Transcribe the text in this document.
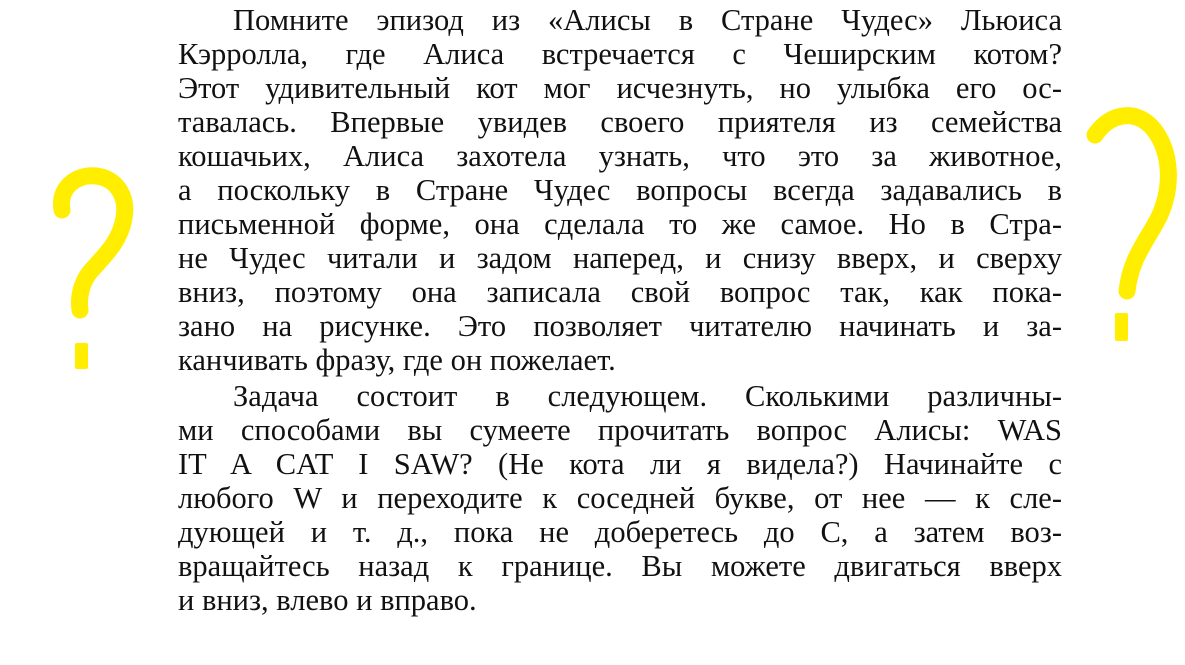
Помните эпизод из «Алисы в Стране Чудес» Льюиса
Кэрролла, где Алиса встречается с Чеширским котом?
Этот удивительный кот мог исчезнуть, но улыбка его ос-
тавалась. Впервые увидев своего приятеля из семейства
кошачьих, Алиса захотела узнать, что это за животное,
а поскольку в Стране Чудес вопросы всегда задавались в
письменной форме, она сделала то же самое. Но в Стра-
не Чудес читали и задом наперед, и снизу вверх, и сверху
вниз, поэтому она записала свой вопрос так, как пока-
зано на рисунке. Это позволяет читателю начинать и за-
канчивать фразу, где он пожелает.
Задача состоит в следующем. Сколькими различны-
ми способами вы сумеете прочитать вопрос Алисы: WAS
IT A CAT I SAW? (Не кота ли я видела?) Начинайте с
любого W и переходите к соседней букве, от нее — к сле-
дующей и т. д., пока не доберетесь до С, а затем воз-
вращайтесь назад к границе. Вы можете двигаться вверх
и вниз, влево и вправо.
